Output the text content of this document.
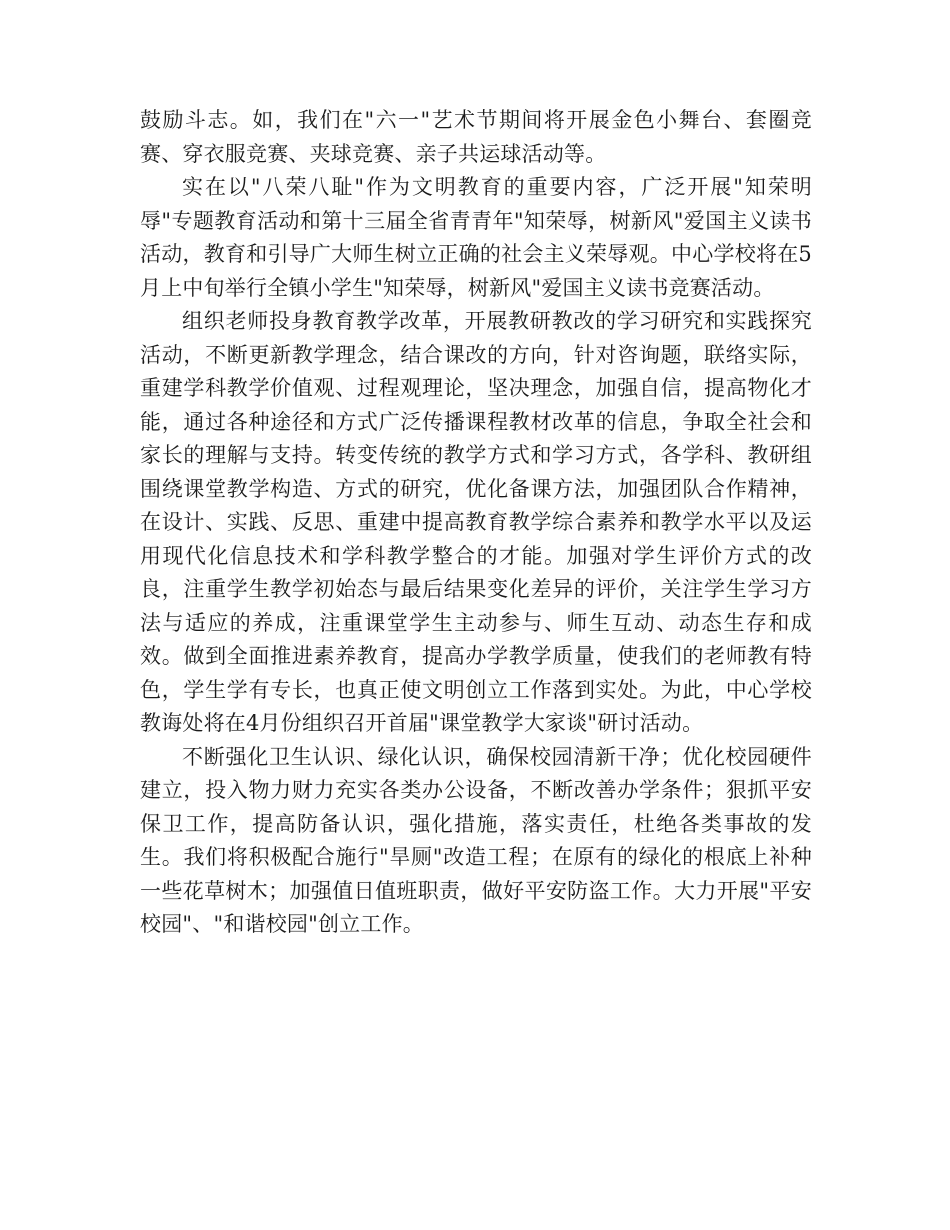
鼓励斗志。如，我们在"六一"艺术节期间将开展金色小舞台、套圈竞赛、穿衣服竞赛、夹球竞赛、亲子共运球活动等。

实在以"八荣八耻"作为文明教育的重要内容，广泛开展"知荣明辱"专题教育活动和第十三届全省青青年"知荣辱，树新风"爱国主义读书活动，教育和引导广大师生树立正确的社会主义荣辱观。中心学校将在5月上中旬举行全镇小学生"知荣辱，树新风"爱国主义读书竞赛活动。

组织老师投身教育教学改革，开展教研教改的学习研究和实践探究活动，不断更新教学理念，结合课改的方向，针对咨询题，联络实际，重建学科教学价值观、过程观理论，坚决理念，加强自信，提高物化才能，通过各种途径和方式广泛传播课程教材改革的信息，争取全社会和家长的理解与支持。转变传统的教学方式和学习方式，各学科、教研组围绕课堂教学构造、方式的研究，优化备课方法，加强团队合作精神，在设计、实践、反思、重建中提高教育教学综合素养和教学水平以及运用现代化信息技术和学科教学整合的才能。加强对学生评价方式的改良，注重学生教学初始态与最后结果变化差异的评价，关注学生学习方法与适应的养成，注重课堂学生主动参与、师生互动、动态生存和成效。做到全面推进素养教育，提高办学教学质量，使我们的老师教有特色，学生学有专长，也真正使文明创立工作落到实处。为此，中心学校教诲处将在4月份组织召开首届"课堂教学大家谈"研讨活动。

不断强化卫生认识、绿化认识，确保校园清新干净；优化校园硬件建立，投入物力财力充实各类办公设备，不断改善办学条件；狠抓平安保卫工作，提高防备认识，强化措施，落实责任，杜绝各类事故的发生。我们将积极配合施行"旱厕"改造工程；在原有的绿化的根底上补种一些花草树木；加强值日值班职责，做好平安防盗工作。大力开展"平安校园"、"和谐校园"创立工作。
